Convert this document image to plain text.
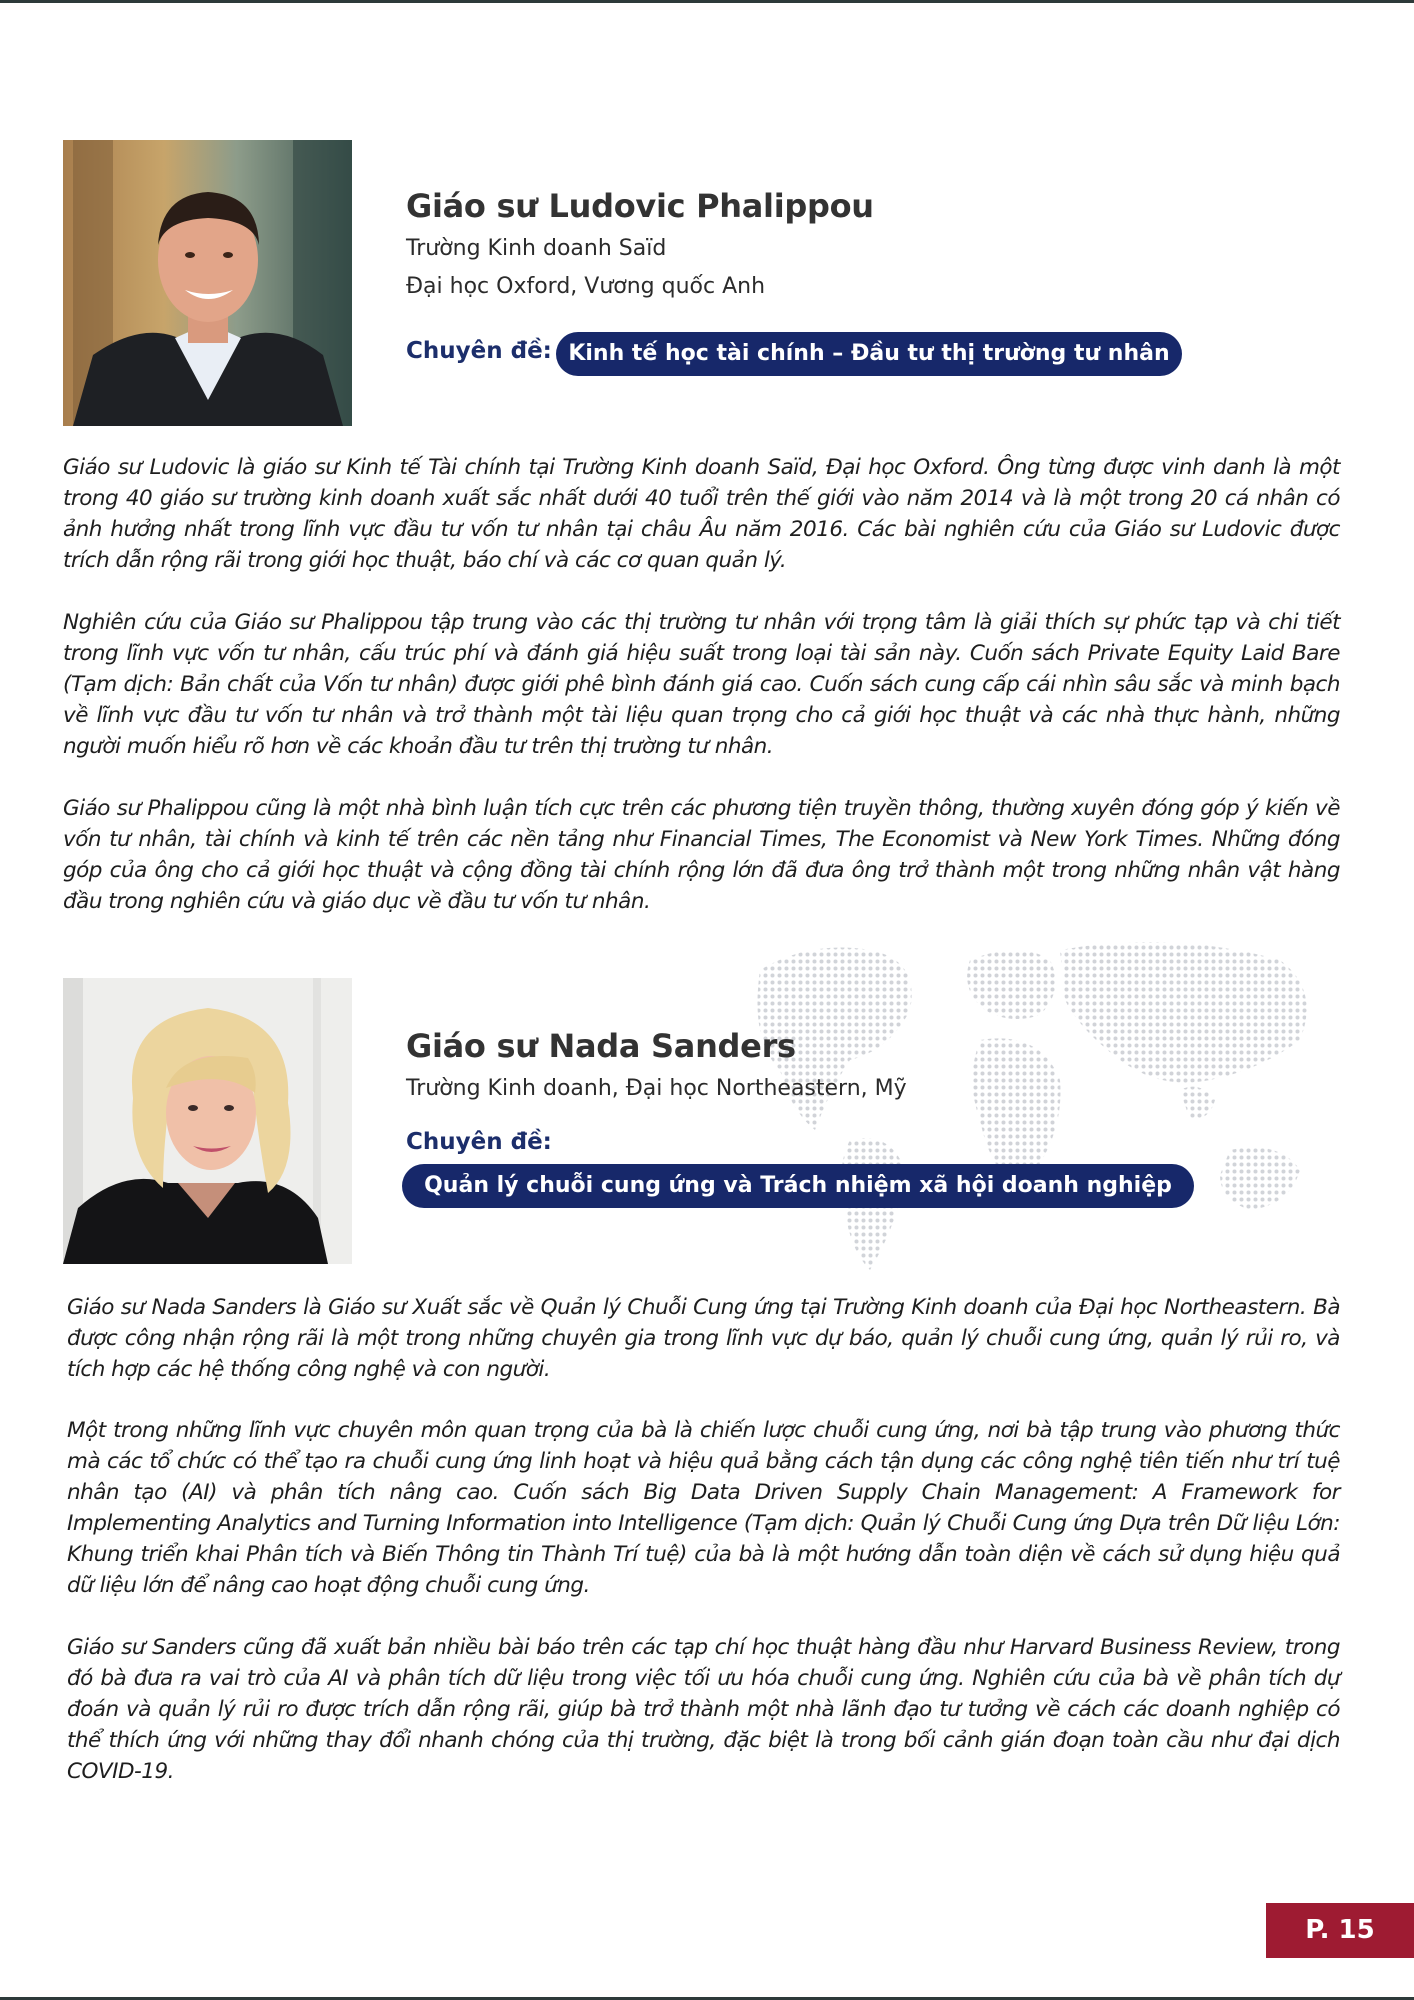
Giáo sư Ludovic Phalippou
Trường Kinh doanh Saïd
Đại học Oxford, Vương quốc Anh
Chuyên đề: Kinh tế học tài chính – Đầu tư thị trường tư nhân
Giáo sư Ludovic là giáo sư Kinh tế Tài chính tại Trường Kinh doanh Saïd, Đại học Oxford. Ông từng được vinh danh là một trong 40 giáo sư trường kinh doanh xuất sắc nhất dưới 40 tuổi trên thế giới vào năm 2014 và là một trong 20 cá nhân có ảnh hưởng nhất trong lĩnh vực đầu tư vốn tư nhân tại châu Âu năm 2016. Các bài nghiên cứu của Giáo sư Ludovic được trích dẫn rộng rãi trong giới học thuật, báo chí và các cơ quan quản lý.
Nghiên cứu của Giáo sư Phalippou tập trung vào các thị trường tư nhân với trọng tâm là giải thích sự phức tạp và chi tiết trong lĩnh vực vốn tư nhân, cấu trúc phí và đánh giá hiệu suất trong loại tài sản này. Cuốn sách Private Equity Laid Bare (Tạm dịch: Bản chất của Vốn tư nhân) được giới phê bình đánh giá cao. Cuốn sách cung cấp cái nhìn sâu sắc và minh bạch về lĩnh vực đầu tư vốn tư nhân và trở thành một tài liệu quan trọng cho cả giới học thuật và các nhà thực hành, những người muốn hiểu rõ hơn về các khoản đầu tư trên thị trường tư nhân.
Giáo sư Phalippou cũng là một nhà bình luận tích cực trên các phương tiện truyền thông, thường xuyên đóng góp ý kiến về vốn tư nhân, tài chính và kinh tế trên các nền tảng như Financial Times, The Economist và New York Times. Những đóng góp của ông cho cả giới học thuật và cộng đồng tài chính rộng lớn đã đưa ông trở thành một trong những nhân vật hàng đầu trong nghiên cứu và giáo dục về đầu tư vốn tư nhân.
Giáo sư Nada Sanders
Trường Kinh doanh, Đại học Northeastern, Mỹ
Chuyên đề:
Quản lý chuỗi cung ứng và Trách nhiệm xã hội doanh nghiệp
Giáo sư Nada Sanders là Giáo sư Xuất sắc về Quản lý Chuỗi Cung ứng tại Trường Kinh doanh của Đại học Northeastern. Bà được công nhận rộng rãi là một trong những chuyên gia trong lĩnh vực dự báo, quản lý chuỗi cung ứng, quản lý rủi ro, và tích hợp các hệ thống công nghệ và con người.
Một trong những lĩnh vực chuyên môn quan trọng của bà là chiến lược chuỗi cung ứng, nơi bà tập trung vào phương thức mà các tổ chức có thể tạo ra chuỗi cung ứng linh hoạt và hiệu quả bằng cách tận dụng các công nghệ tiên tiến như trí tuệ nhân tạo (AI) và phân tích nâng cao. Cuốn sách Big Data Driven Supply Chain Management: A Framework for Implementing Analytics and Turning Information into Intelligence (Tạm dịch: Quản lý Chuỗi Cung ứng Dựa trên Dữ liệu Lớn: Khung triển khai Phân tích và Biến Thông tin Thành Trí tuệ) của bà là một hướng dẫn toàn diện về cách sử dụng hiệu quả dữ liệu lớn để nâng cao hoạt động chuỗi cung ứng.
Giáo sư Sanders cũng đã xuất bản nhiều bài báo trên các tạp chí học thuật hàng đầu như Harvard Business Review, trong đó bà đưa ra vai trò của AI và phân tích dữ liệu trong việc tối ưu hóa chuỗi cung ứng. Nghiên cứu của bà về phân tích dự đoán và quản lý rủi ro được trích dẫn rộng rãi, giúp bà trở thành một nhà lãnh đạo tư tưởng về cách các doanh nghiệp có thể thích ứng với những thay đổi nhanh chóng của thị trường, đặc biệt là trong bối cảnh gián đoạn toàn cầu như đại dịch COVID-19.
P. 15
